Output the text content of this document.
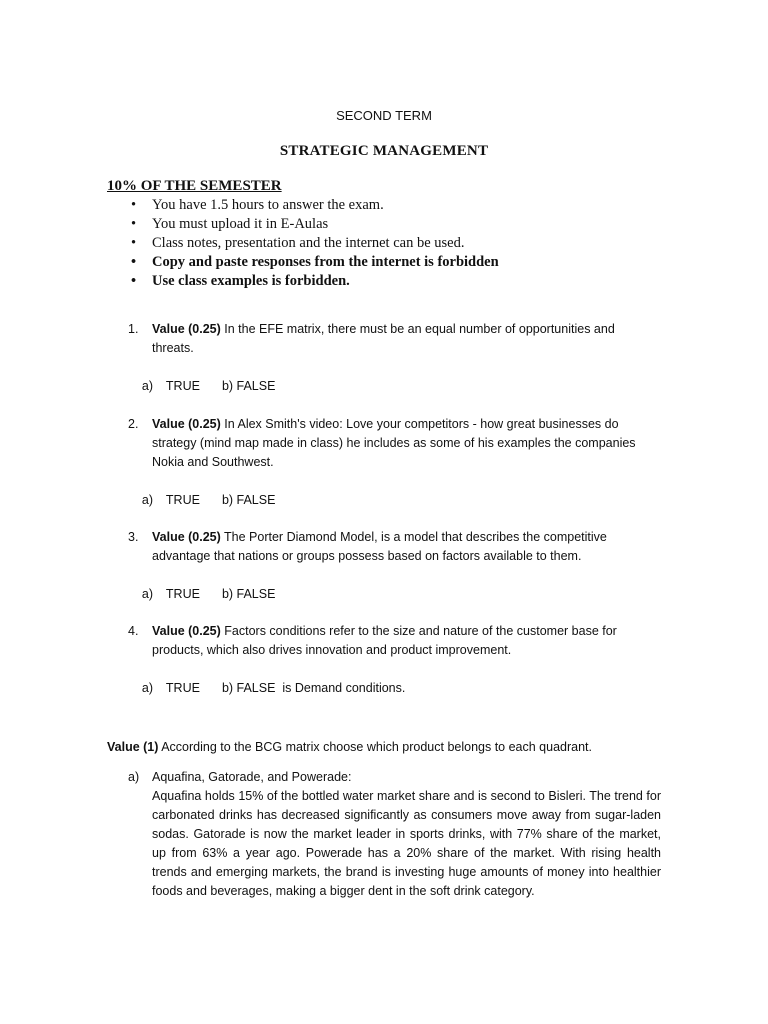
SECOND TERM
STRATEGIC MANAGEMENT
10% OF THE SEMESTER
• You have 1.5 hours to answer the exam.
• You must upload it in E-Aulas
• Class notes, presentation and the internet can be used.
• Copy and paste responses from the internet is forbidden
• Use class examples is forbidden.
1. Value (0.25) In the EFE matrix, there must be an equal number of opportunities and threats.

a) TRUE b) FALSE

2. Value (0.25) In Alex Smith's video: Love your competitors - how great businesses do strategy (mind map made in class) he includes as some of his examples the companies Nokia and Southwest.

a) TRUE b) FALSE

3. Value (0.25) The Porter Diamond Model, is a model that describes the competitive advantage that nations or groups possess based on factors available to them.

a) TRUE b) FALSE

4. Value (0.25) Factors conditions refer to the size and nature of the customer base for products, which also drives innovation and product improvement.

a) TRUE b) FALSE  is Demand conditions.

Value (1) According to the BCG matrix choose which product belongs to each quadrant.
a) Aquafina, Gatorade, and Powerade:
Aquafina holds 15% of the bottled water market share and is second to Bisleri. The trend for carbonated drinks has decreased significantly as consumers move away from sugar-laden sodas. Gatorade is now the market leader in sports drinks, with 77% share of the market, up from 63% a year ago. Powerade has a 20% share of the market. With rising health trends and emerging markets, the brand is investing huge amounts of money into healthier foods and beverages, making a bigger dent in the soft drink category.
